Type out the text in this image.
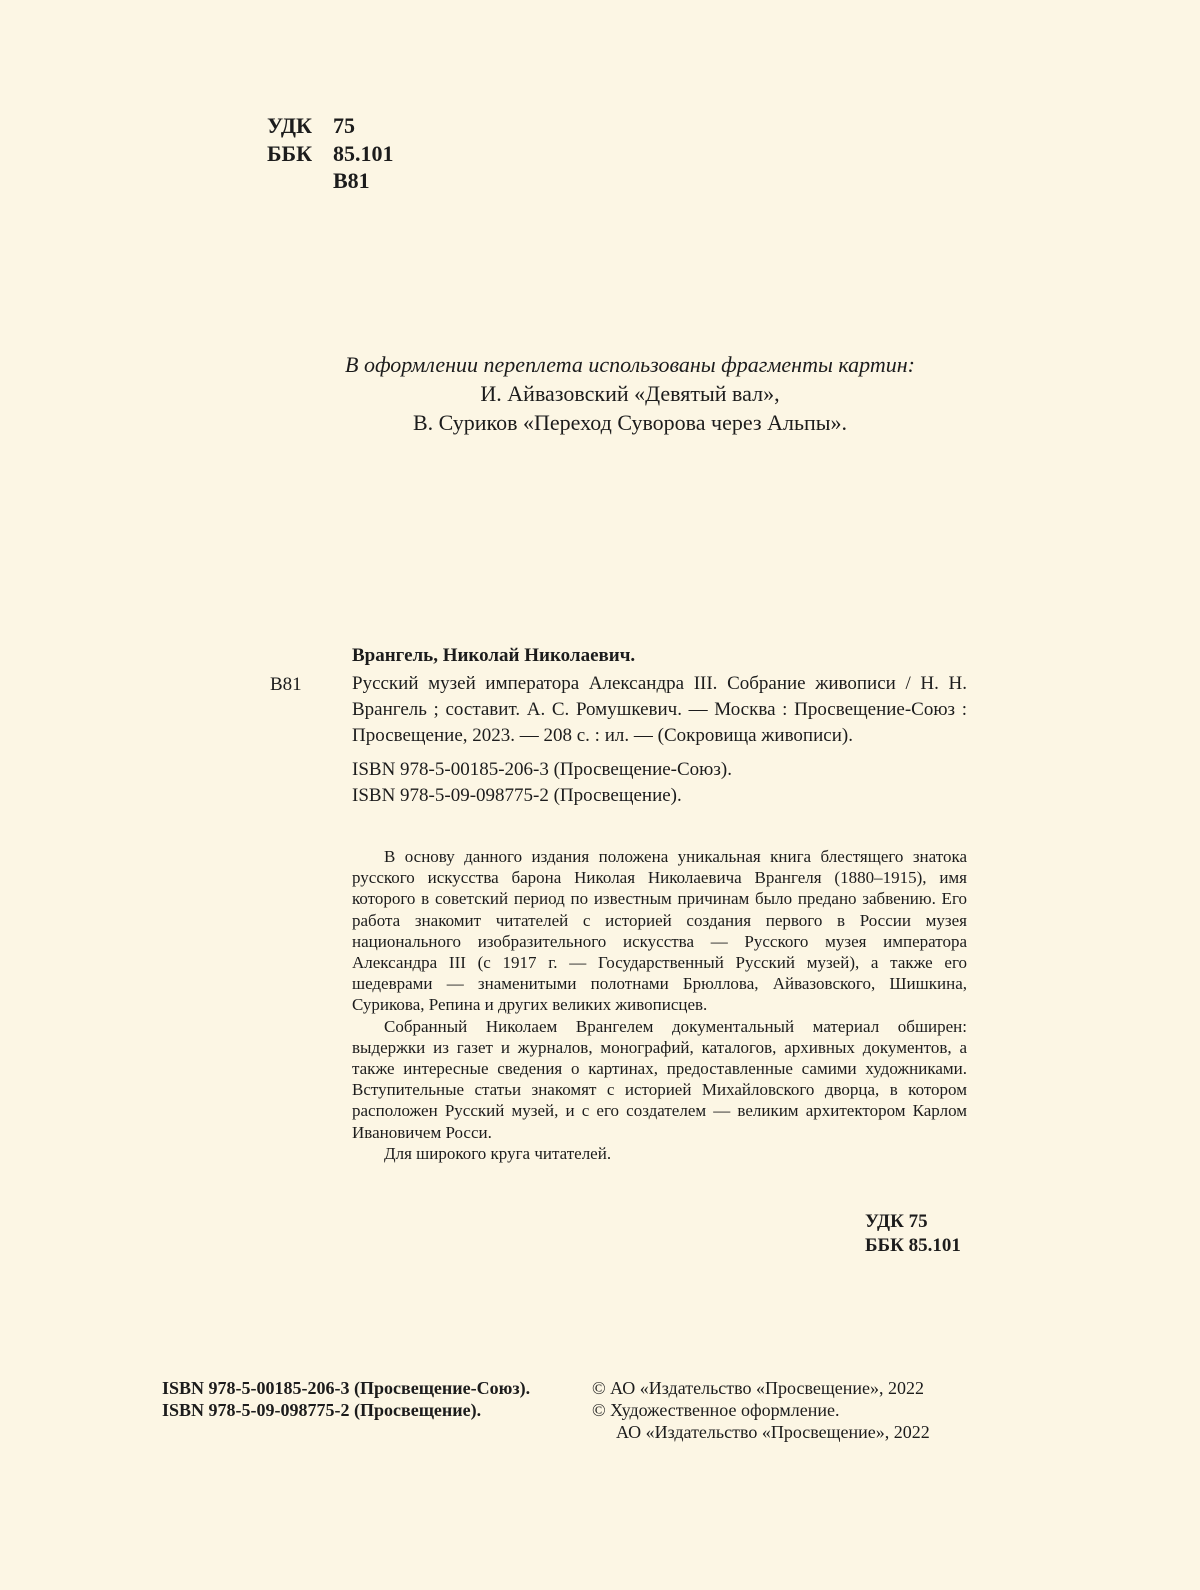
УДК 75
ББК 85.101
В81
В оформлении переплета использованы фрагменты картин:
И. Айвазовский «Девятый вал»,
В. Суриков «Переход Суворова через Альпы».
В81
Врангель, Николай Николаевич.
Русский музей императора Александра III. Собрание живописи / Н. Н. Врангель ; составит. А. С. Ромушкевич. — Москва : Просвещение-Союз : Просвещение, 2023. — 208 с. : ил. — (Сокровища живописи).
ISBN 978-5-00185-206-3 (Просвещение-Союз).
ISBN 978-5-09-098775-2 (Просвещение).

В основу данного издания положена уникальная книга блестящего знатока русского искусства барона Николая Николаевича Врангеля (1880–1915), имя которого в советский период по известным причинам было предано забвению. Его работа знакомит читателей с историей создания первого в России музея национального изобразительного искусства — Русского музея императора Александра III (с 1917 г. — Государственный Русский музей), а также его шедеврами — знаменитыми полотнами Брюллова, Айвазовского, Шишкина, Сурикова, Репина и других великих живописцев.

Собранный Николаем Врангелем документальный материал обширен: выдержки из газет и журналов, монографий, каталогов, архивных документов, а также интересные сведения о картинах, предоставленные самими художниками. Вступительные статьи знакомят с историей Михайловского дворца, в котором расположен Русский музей, и с его создателем — великим архитектором Карлом Ивановичем Росси.

Для широкого круга читателей.

УДК 75
ББК 85.101
ISBN 978-5-00185-206-3 (Просвещение-Союз).
ISBN 978-5-09-098775-2 (Просвещение).
© АО «Издательство «Просвещение», 2022
© Художественное оформление.
АО «Издательство «Просвещение», 2022
